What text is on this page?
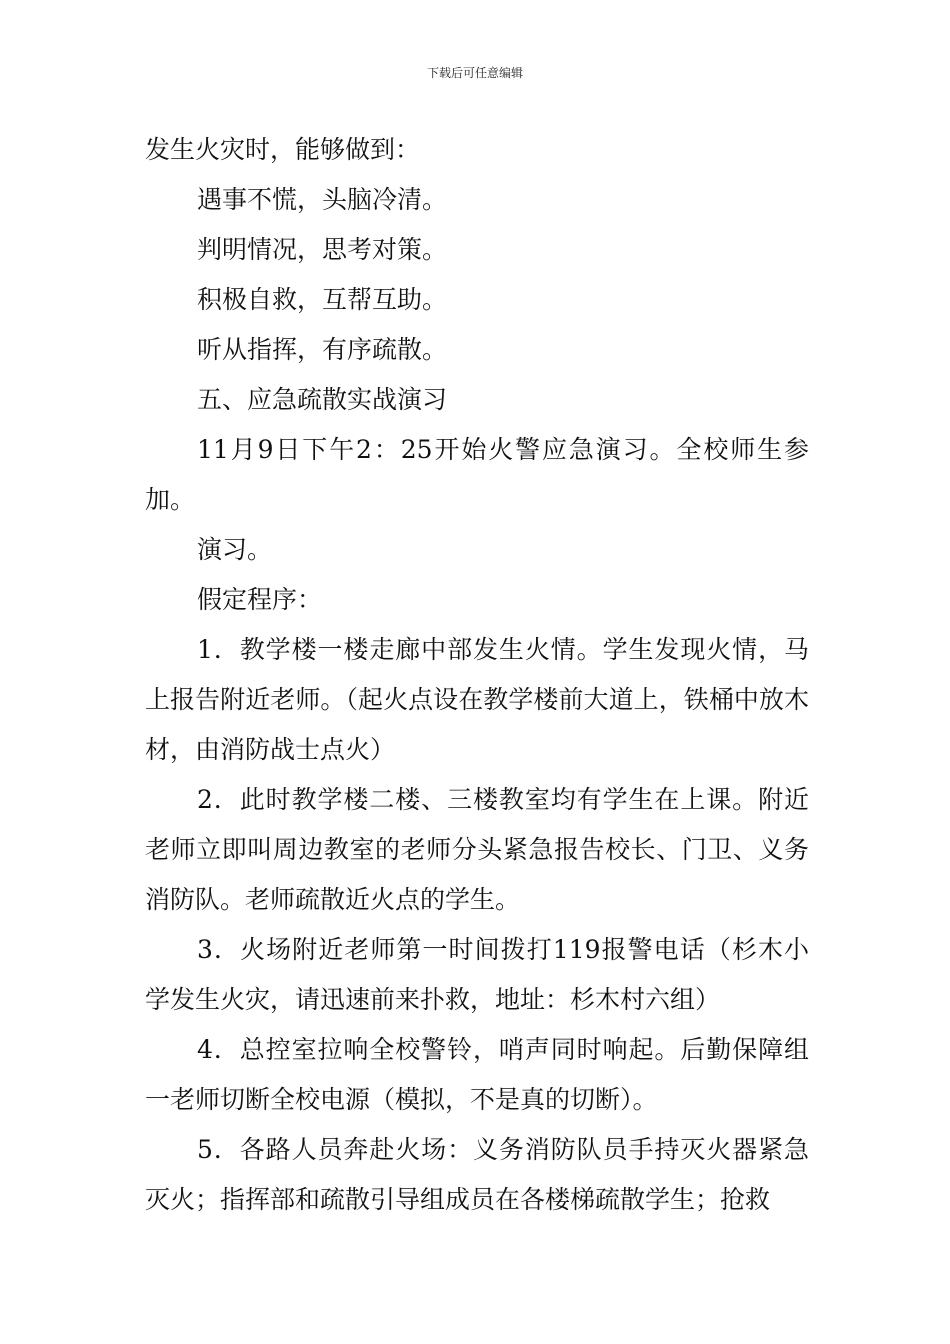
下载后可任意编辑

发生火灾时，能够做到：

遇事不慌，头脑冷清。

判明情况，思考对策。

积极自救，互帮互助。

听从指挥，有序疏散。

五、应急疏散实战演习

11月9日下午2：25开始火警应急演习。全校师生参加。

演习。

假定程序：

1．教学楼一楼走廊中部发生火情。学生发现火情，马上报告附近老师。（起火点设在教学楼前大道上，铁桶中放木材，由消防战士点火）

2．此时教学楼二楼、三楼教室均有学生在上课。附近老师立即叫周边教室的老师分头紧急报告校长、门卫、义务消防队。老师疏散近火点的学生。

3．火场附近老师第一时间拨打119报警电话（杉木小学发生火灾，请迅速前来扑救，地址：杉木村六组）

4．总控室拉响全校警铃，哨声同时响起。后勤保障组一老师切断全校电源（模拟，不是真的切断）。

5．各路人员奔赴火场：义务消防队员手持灭火器紧急灭火；指挥部和疏散引导组成员在各楼梯疏散学生；抢救
